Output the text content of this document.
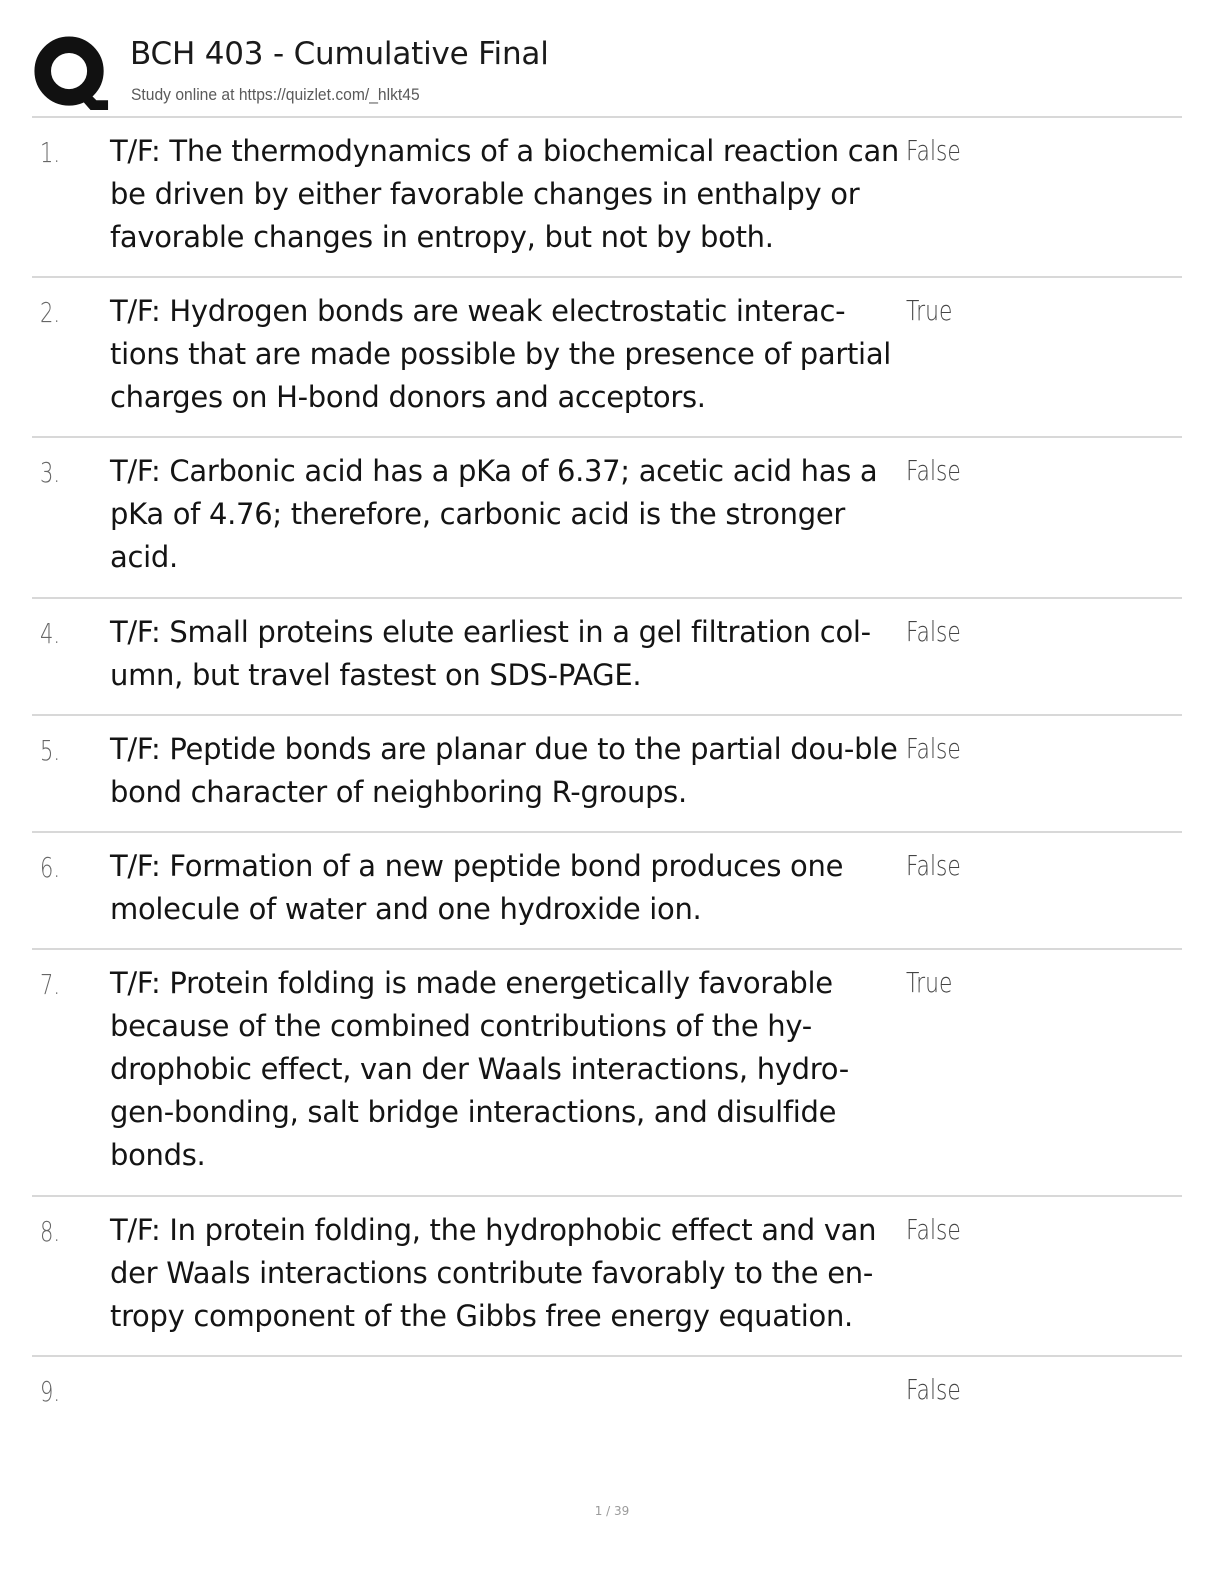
BCH 403 - Cumulative Final
Study online at https://quizlet.com/_hlkt45
1. T/F: The thermodynamics of a biochemical reaction can be driven by either favorable changes in enthalpy or favorable changes in entropy, but not by both.
False
2. T/F: Hydrogen bonds are weak electrostatic interac-tions that are made possible by the presence of partial charges on H-bond donors and acceptors.
True
3. T/F: Carbonic acid has a pKa of 6.37; acetic acid has a pKa of 4.76; therefore, carbonic acid is the stronger acid.
False
4. T/F: Small proteins elute earliest in a gel filtration col-umn, but travel fastest on SDS-PAGE.
False
5. T/F: Peptide bonds are planar due to the partial dou-ble bond character of neighboring R-groups.
False
6. T/F: Formation of a new peptide bond produces one molecule of water and one hydroxide ion.
False
7. T/F: Protein folding is made energetically favorable because of the combined contributions of the hy-drophobic effect, van der Waals interactions, hydro-gen-bonding, salt bridge interactions, and disulfide bonds.
True
8. T/F: In protein folding, the hydrophobic effect and van der Waals interactions contribute favorably to the en-tropy component of the Gibbs free energy equation.
False
9.	False
1 / 39
